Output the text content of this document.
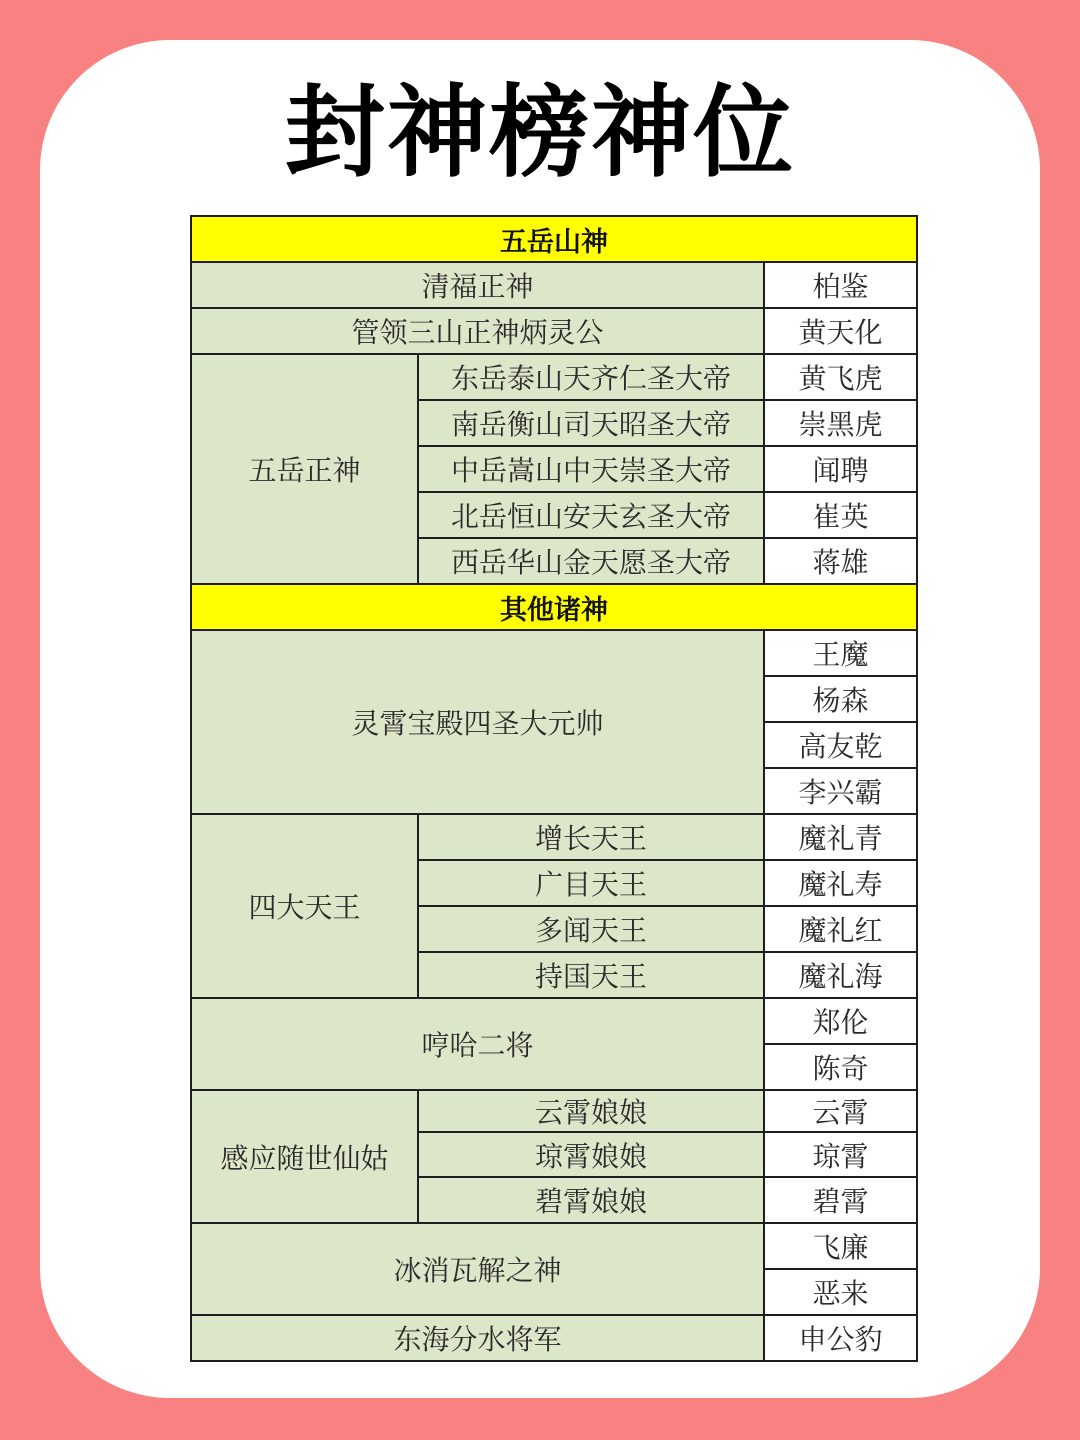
封神榜神位
五岳山神		
清福正神		柏鉴
管领三山正神炳灵公		黄天化
五岳正神	东岳泰山天齐仁圣大帝	黄飞虎
	南岳衡山司天昭圣大帝	崇黑虎
	中岳嵩山中天崇圣大帝	闻聘
	北岳恒山安天玄圣大帝	崔英
	西岳华山金天愿圣大帝	蒋雄
其他诸神		
灵霄宝殿四圣大元帅		王魔
		杨森
		高友乾
		李兴霸
四大天王	增长天王	魔礼青
	广目天王	魔礼寿
	多闻天王	魔礼红
	持国天王	魔礼海
哼哈二将		郑伦
		陈奇
感应随世仙姑	云霄娘娘	云霄
	琼霄娘娘	琼霄
	碧霄娘娘	碧霄
冰消瓦解之神		飞廉
		恶来
东海分水将军		申公豹
